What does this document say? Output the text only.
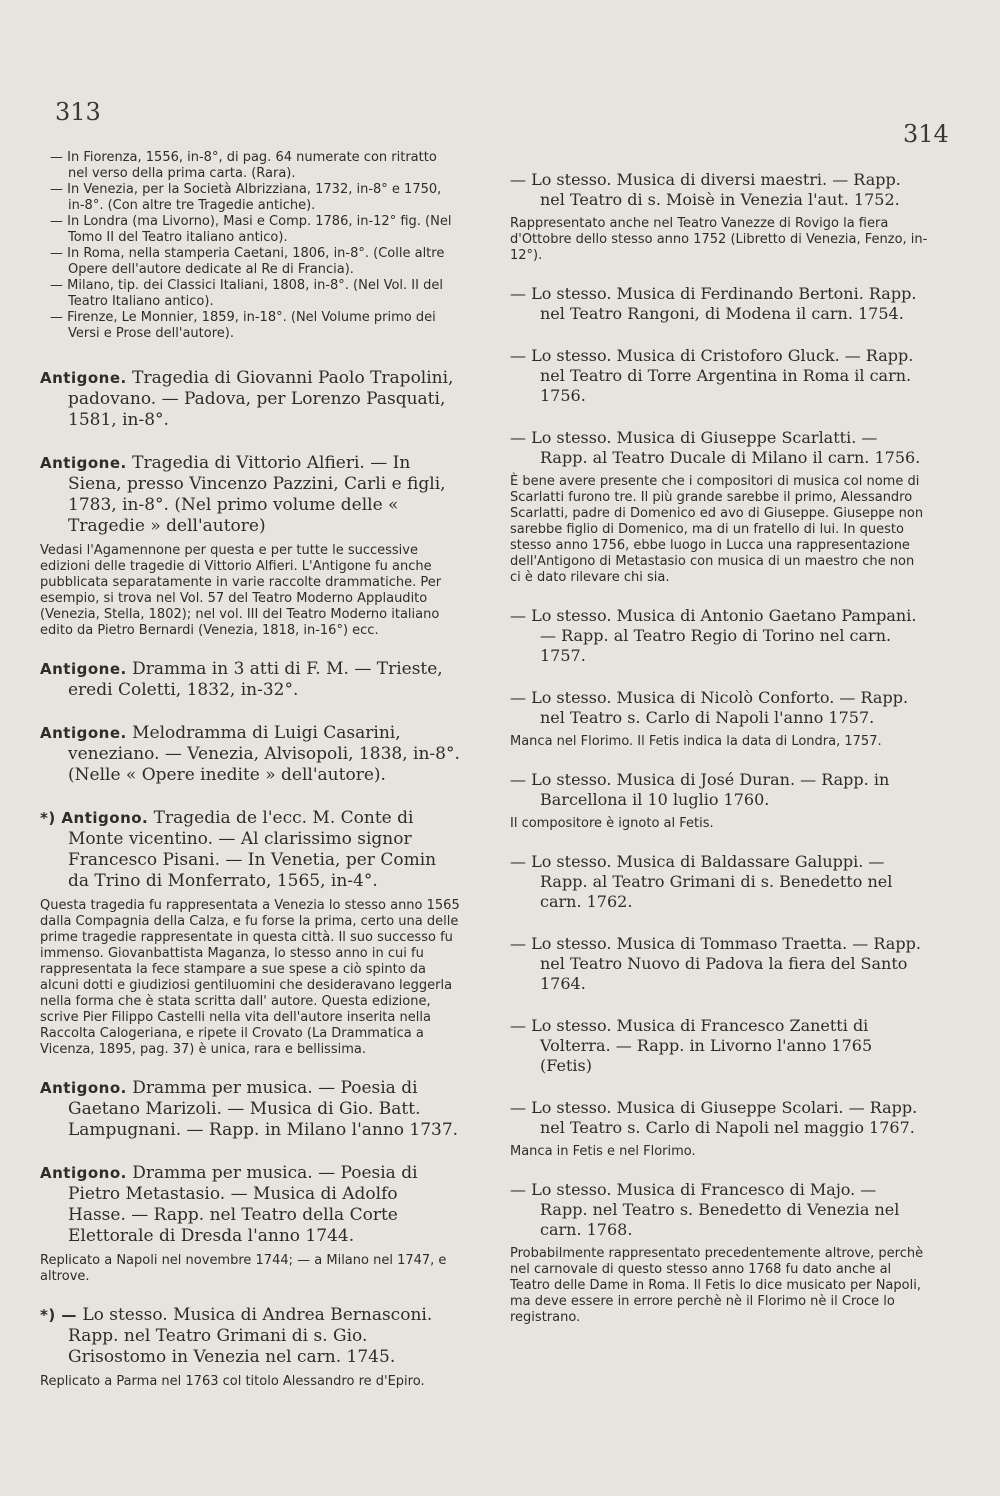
313
314

— In Fiorenza, 1556, in-8°, di pag. 64 numerate con ritratto nel verso della prima carta. (Rara).

— In Venezia, per la Società Albrizziana, 1732, in-8° e 1750, in-8°. (Con altre tre Tragedie antiche).

— In Londra (ma Livorno), Masi e Comp. 1786, in-12° fig. (Nel Tomo II del Teatro italiano antico).

— In Roma, nella stamperia Caetani, 1806, in-8°. (Colle altre Opere dell'autore dedicate al Re di Francia).

— Milano, tip. dei Classici Italiani, 1808, in-8°. (Nel Vol. II del Teatro Italiano antico).

— Firenze, Le Monnier, 1859, in-18°. (Nel Volume primo dei Versi e Prose dell'autore).

Antigone. Tragedia di Giovanni Paolo Trapolini, padovano. — Padova, per Lorenzo Pasquati, 1581, in-8°.

Antigone. Tragedia di Vittorio Alfieri. — In Siena, presso Vincenzo Pazzini, Carli e figli, 1783, in-8°. (Nel primo volume delle « Tragedie » dell'autore)

Vedasi l'Agamennone per questa e per tutte le successive edizioni delle tragedie di Vittorio Alfieri. L'Antigone fu anche pubblicata separatamente in varie raccolte drammatiche. Per esempio, si trova nel Vol. 57 del Teatro Moderno Applaudito (Venezia, Stella, 1802); nel vol. III del Teatro Moderno italiano edito da Pietro Bernardi (Venezia, 1818, in-16°) ecc.

Antigone. Dramma in 3 atti di F. M. — Trieste, eredi Coletti, 1832, in-32°.

Antigone. Melodramma di Luigi Casarini, veneziano. — Venezia, Alvisopoli, 1838, in-8°. (Nelle « Opere inedite » dell'autore).

*) Antigono. Tragedia de l'ecc. M. Conte di Monte vicentino. — Al clarissimo signor Francesco Pisani. — In Venetia, per Comin da Trino di Monferrato, 1565, in-4°.

Questa tragedia fu rappresentata a Venezia lo stesso anno 1565 dalla Compagnia della Calza, e fu forse la prima, certo una delle prime tragedie rappresentate in questa città. Il suo successo fu immenso. Giovanbattista Maganza, lo stesso anno in cui fu rappresentata la fece stampare a sue spese a ciò spinto da alcuni dotti e giudiziosi gentiluomini che desideravano leggerla nella forma che è stata scritta dall' autore. Questa edizione, scrive Pier Filippo Castelli nella vita dell'autore inserita nella Raccolta Calogeriana, e ripete il Crovato (La Drammatica a Vicenza, 1895, pag. 37) è unica, rara e bellissima.

Antigono. Dramma per musica. — Poesia di Gaetano Marizoli. — Musica di Gio. Batt. Lampugnani. — Rapp. in Milano l'anno 1737.

Antigono. Dramma per musica. — Poesia di Pietro Metastasio. — Musica di Adolfo Hasse. — Rapp. nel Teatro della Corte Elettorale di Dresda l'anno 1744.

Replicato a Napoli nel novembre 1744; — a Milano nel 1747, e altrove.

*) — Lo stesso. Musica di Andrea Bernasconi. Rapp. nel Teatro Grimani di s. Gio. Grisostomo in Venezia nel carn. 1745.

Replicato a Parma nel 1763 col titolo Alessandro re d'Epiro.

— Lo stesso. Musica di diversi maestri. — Rapp. nel Teatro di s. Moisè in Venezia l'aut. 1752.

Rappresentato anche nel Teatro Vanezze di Rovigo la fiera d'Ottobre dello stesso anno 1752 (Libretto di Venezia, Fenzo, in-12°).

— Lo stesso. Musica di Ferdinando Bertoni. Rapp. nel Teatro Rangoni, di Modena il carn. 1754.

— Lo stesso. Musica di Cristoforo Gluck. — Rapp. nel Teatro di Torre Argentina in Roma il carn. 1756.

— Lo stesso. Musica di Giuseppe Scarlatti. — Rapp. al Teatro Ducale di Milano il carn. 1756.

È bene avere presente che i compositori di musica col nome di Scarlatti furono tre. Il più grande sarebbe il primo, Alessandro Scarlatti, padre di Domenico ed avo di Giuseppe. Giuseppe non sarebbe figlio di Domenico, ma di un fratello di lui. In questo stesso anno 1756, ebbe luogo in Lucca una rappresentazione dell'Antigono di Metastasio con musica di un maestro che non ci è dato rilevare chi sia.

— Lo stesso. Musica di Antonio Gaetano Pampani. — Rapp. al Teatro Regio di Torino nel carn. 1757.

— Lo stesso. Musica di Nicolò Conforto. — Rapp. nel Teatro s. Carlo di Napoli l'anno 1757.

Manca nel Florimo. Il Fetis indica la data di Londra, 1757.

— Lo stesso. Musica di José Duran. — Rapp. in Barcellona il 10 luglio 1760.

Il compositore è ignoto al Fetis.

— Lo stesso. Musica di Baldassare Galuppi. — Rapp. al Teatro Grimani di s. Benedetto nel carn. 1762.

— Lo stesso. Musica di Tommaso Traetta. — Rapp. nel Teatro Nuovo di Padova la fiera del Santo 1764.

— Lo stesso. Musica di Francesco Zanetti di Volterra. — Rapp. in Livorno l'anno 1765 (Fetis)

— Lo stesso. Musica di Giuseppe Scolari. — Rapp. nel Teatro s. Carlo di Napoli nel maggio 1767.

Manca in Fetis e nel Florimo.

— Lo stesso. Musica di Francesco di Majo. — Rapp. nel Teatro s. Benedetto di Venezia nel carn. 1768.

Probabilmente rappresentato precedentemente altrove, perchè nel carnovale di questo stesso anno 1768 fu dato anche al Teatro delle Dame in Roma. Il Fetis lo dice musicato per Napoli, ma deve essere in errore perchè nè il Florimo nè il Croce lo registrano.
